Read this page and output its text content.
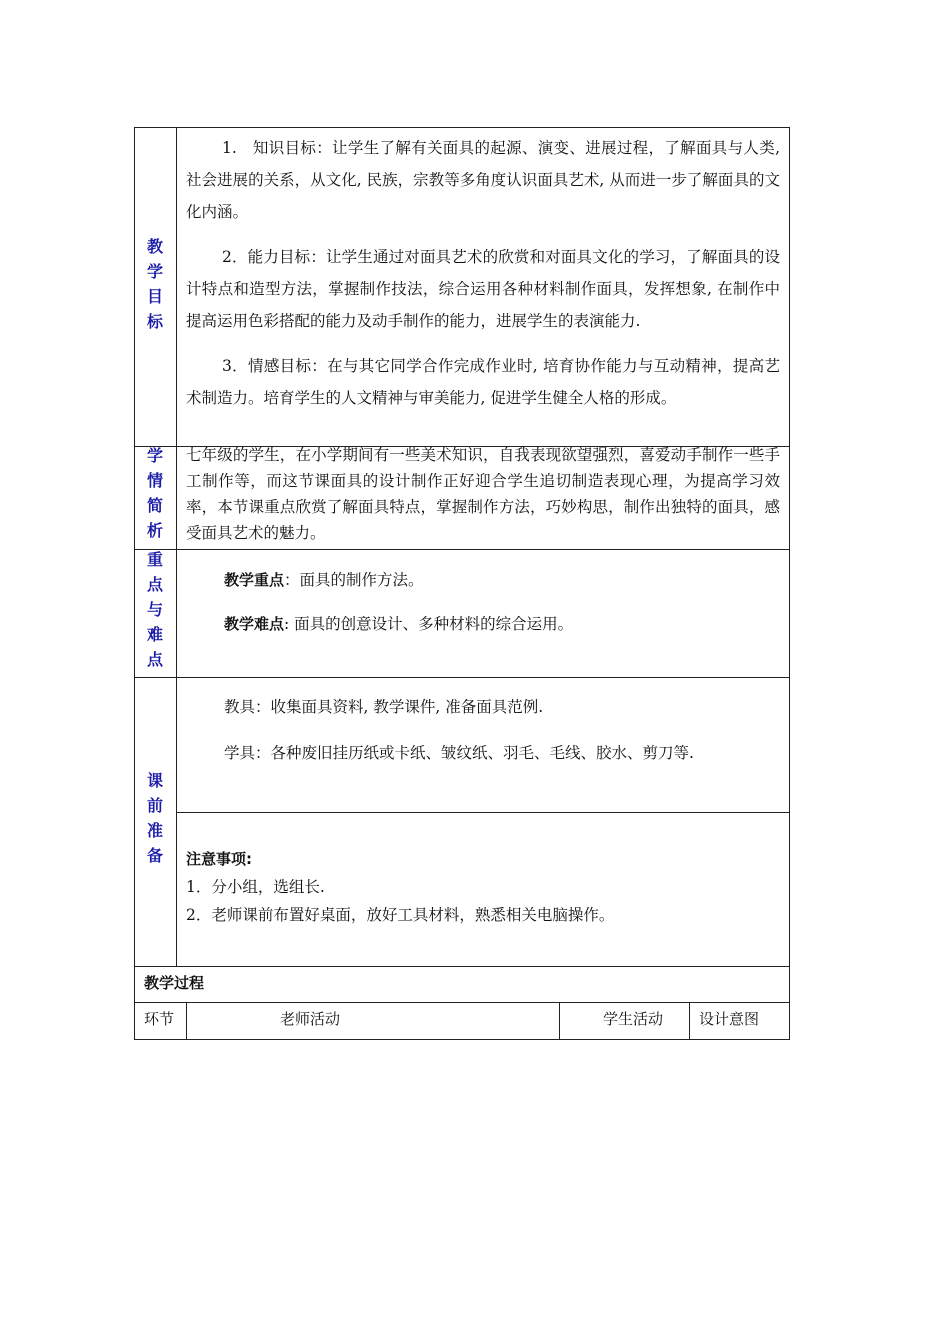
教
学
目
标

1.　知识目标：让学生了解有关面具的起源、演变、进展过程，了解面具与人类, 社会进展的关系，从文化, 民族，宗教等多角度认识面具艺术, 从而进一步了解面具的文化内涵。

2．能力目标：让学生通过对面具艺术的欣赏和对面具文化的学习，了解面具的设计特点和造型方法，掌握制作技法，综合运用各种材料制作面具，发挥想象, 在制作中提高运用色彩搭配的能力及动手制作的能力，进展学生的表演能力.

3．情感目标：在与其它同学合作完成作业时, 培育协作能力与互动精神，提高艺术制造力。培育学生的人文精神与审美能力, 促进学生健全人格的形成。

学
情
简
析

七年级的学生，在小学期间有一些美术知识，自我表现欲望强烈，喜爱动手制作一些手工制作等，而这节课面具的设计制作正好迎合学生追切制造表现心理，为提高学习效率，本节课重点欣赏了解面具特点，掌握制作方法，巧妙构思，制作出独特的面具，感受面具艺术的魅力。

重
点
与
难
点

教学重点：面具的制作方法。

教学难点: 面具的创意设计、多种材料的综合运用。

课
前
准
备

教具：收集面具资料, 教学课件, 准备面具范例.

学具：各种废旧挂历纸或卡纸、皱纹纸、羽毛、毛线、胶水、剪刀等.

注意事项:

1．分小组，选组长.

2．老师课前布置好桌面，放好工具材料，熟悉相关电脑操作。

教学过程
环节	老师活动	学生活动 设计意图
